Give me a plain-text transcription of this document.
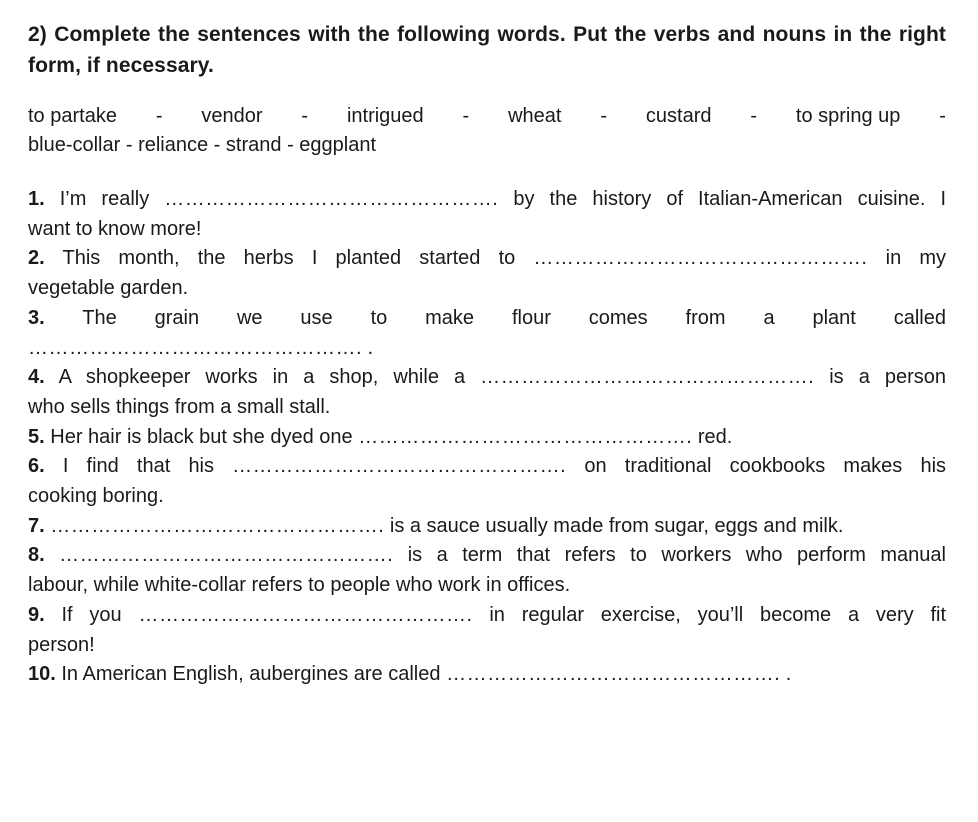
2) Complete the sentences with the following words. Put the verbs and nouns in the right form, if necessary.

to partake - vendor - intrigued - wheat - custard - to spring up -
blue-collar - reliance - strand - eggplant
1. I’m really …………………………………………. by the history of Italian-American cuisine. I
want to know more!
2. This month, the herbs I planted started to …………………………………………. in my
vegetable garden.
3. The grain we use to make flour comes from a plant called
…………………………………………. .
4. A shopkeeper works in a shop, while a …………………………………………. is a person
who sells things from a small stall.
5. Her hair is black but she dyed one …………………………………………. red.
6. I find that his …………………………………………. on traditional cookbooks makes his
cooking boring.
7. …………………………………………. is a sauce usually made from sugar, eggs and milk.
8. …………………………………………. is a term that refers to workers who perform manual
labour, while white-collar refers to people who work in offices.
9. If you …………………………………………. in regular exercise, you’ll become a very fit
person!
10. In American English, aubergines are called …………………………………………. .
